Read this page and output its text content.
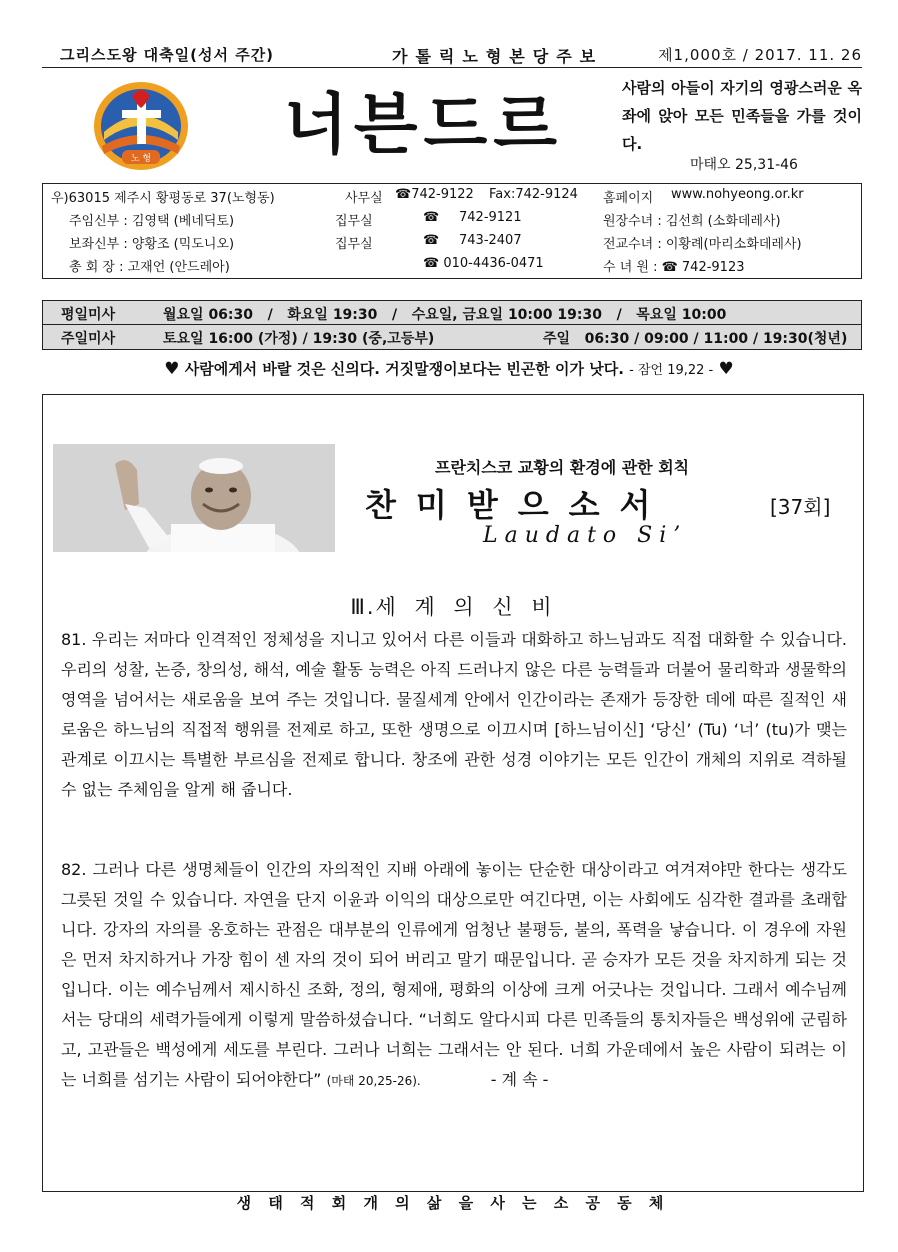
그리스도왕 대축일(성서 주간)	가톨릭노형본당주보	제1,000호 / 2017. 11. 26
노 형 너븐드르	사람의 아들이 자기의 영광스러운 옥좌에 앉아 모든 민족들을 가를 것이다.
마태오 25,31-46
우)63015 제주시 황평동로 37(노형동)	사무실 ☎742-9122 Fax:742-9124 홈페이지 www.nohyeong.or.kr
주임신부 : 김영택 (베네딕토)	집무실	☎ 742-9121	원장수녀 : 김선희 (소화데레사)
보좌신부 : 양황조 (믹도니오)	집무실	☎ 743-2407	전교수녀 : 이황례(마리소화데레사)
총 회 장 : 고재언 (안드레아)	☎ 010-4436-0471	수 녀 원 : ☎ 742-9123
평일미사	월요일 06:30   /   화요일 19:30   /   수요일, 금요일 10:00 19:30   /   목요일 10:00
주일미사	토요일 16:00 (가정) / 19:30 (중,고등부)	주일   06:30 / 09:00 / 11:00 / 19:30(청년)
♥ 사람에게서 바랄 것은 신의다. 거짓말쟁이보다는 빈곤한 이가 낫다. - 잠언 19,22 - ♥
프란치스코 교황의 환경에 관한 회칙
찬미받으소서	[37회]
Laudato Si’
Ⅲ.세 계 의 신 비
81. 우리는 저마다 인격적인 정체성을 지니고 있어서 다른 이들과 대화하고 하느님과도 직접 대화할 수 있습니다. 우리의 성찰, 논증, 창의성, 해석, 예술 활동 능력은 아직 드러나지 않은 다른 능력들과 더불어 물리학과 생물학의 영역을 넘어서는 새로움을 보여 주는 것입니다. 물질세계 안에서 인간이라는 존재가 등장한 데에 따른 질적인 새로움은 하느님의 직접적 행위를 전제로 하고, 또한 생명으로 이끄시며 [하느님이신] ‘당신’ (Tu) ‘너’ (tu)가 맺는 관계로 이끄시는 특별한 부르심을 전제로 합니다. 창조에 관한 성경 이야기는 모든 인간이 개체의 지위로 격하될 수 없는 주체임을 알게 해 줍니다.
82. 그러나 다른 생명체들이 인간의 자의적인 지배 아래에 놓이는 단순한 대상이라고 여겨져야만 한다는 생각도 그릇된 것일 수 있습니다. 자연을 단지 이윤과 이익의 대상으로만 여긴다면, 이는 사회에도 심각한 결과를 초래합니다. 강자의 자의를 옹호하는 관점은 대부분의 인류에게 엄청난 불평등, 불의, 폭력을 낳습니다. 이 경우에 자원은 먼저 차지하거나 가장 힘이 센 자의 것이 되어 버리고 말기 때문입니다. 곧 승자가 모든 것을 차지하게 되는 것입니다. 이는 예수님께서 제시하신 조화, 정의, 형제애, 평화의 이상에 크게 어긋나는 것입니다. 그래서 예수님께서는 당대의 세력가들에게 이렇게 말씀하셨습니다. “너희도 알다시피 다른 민족들의 통치자들은 백성위에 군림하고, 고관들은 백성에게 세도를 부린다. 그러나 너희는 그래서는 안 된다. 너희 가운데에서 높은 사람이 되려는 이는 너희를 섬기는 사람이 되어야한다” (마태 20,25-26).	- 계 속 -
생 태 적 회 개 의 삶 을 사 는 소 공 동 체
